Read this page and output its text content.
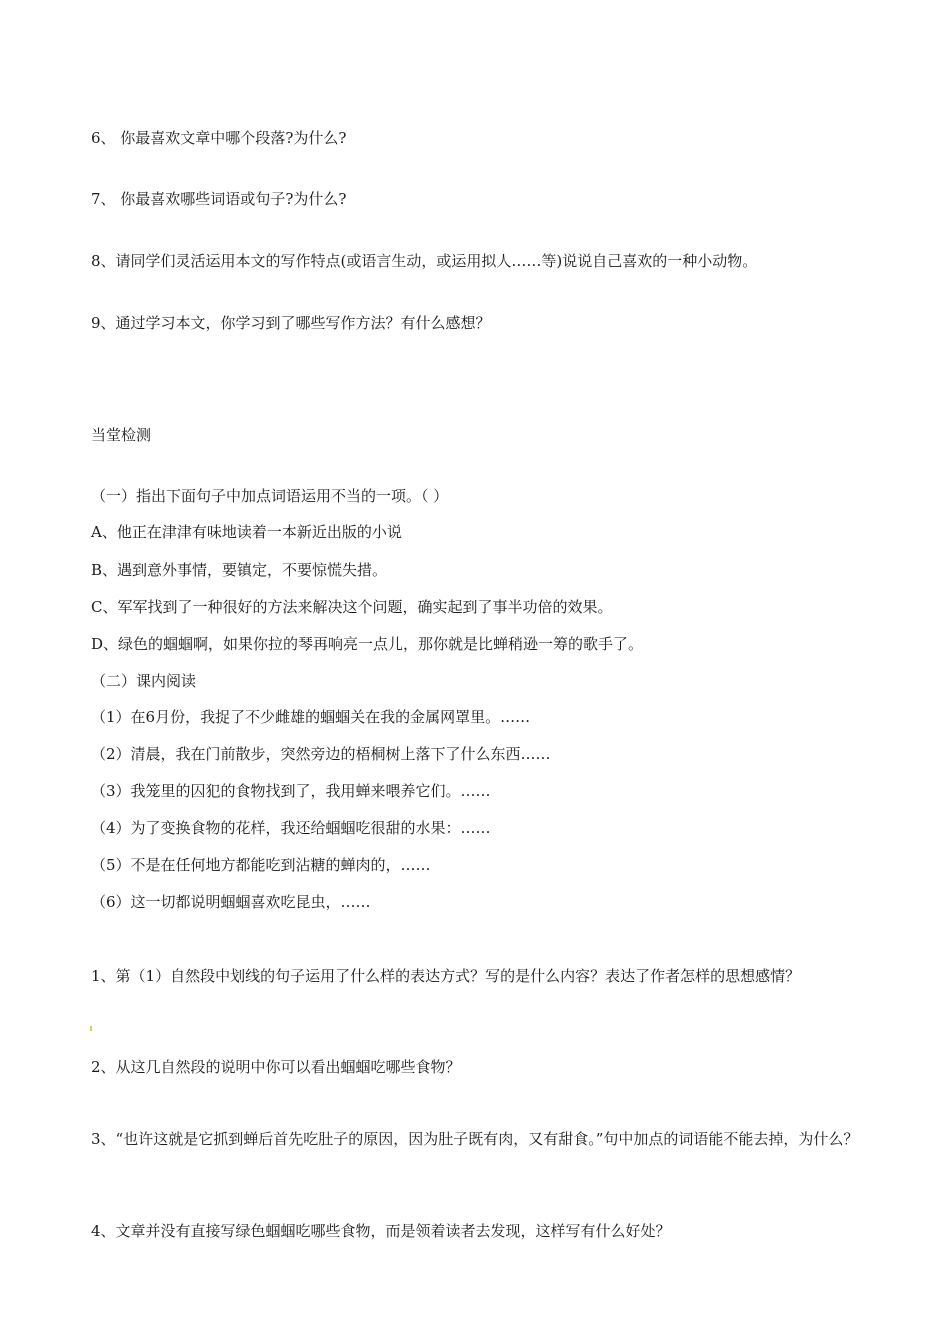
6、 你最喜欢文章中哪个段落?为什么?
7、 你最喜欢哪些词语或句子?为什么?
8、请同学们灵活运用本文的写作特点(或语言生动，或运用拟人……等)说说自己喜欢的一种小动物。
9、通过学习本文，你学习到了哪些写作方法？有什么感想？
当堂检测
（一）指出下面句子中加点词语运用不当的一项。（ ）
A、他正在津津有味地读着一本新近出版的小说
B、遇到意外事情，要镇定，不要惊慌失措。
C、军军找到了一种很好的方法来解决这个问题，确实起到了事半功倍的效果。
D、绿色的蝈蝈啊，如果你拉的琴再响亮一点儿，那你就是比蝉稍逊一筹的歌手了。
（二）课内阅读
（1）在6月份，我捉了不少雌雄的蝈蝈关在我的金属网罩里。……
（2）清晨，我在门前散步，突然旁边的梧桐树上落下了什么东西……
（3）我笼里的囚犯的食物找到了，我用蝉来喂养它们。……
（4）为了变换食物的花样，我还给蝈蝈吃很甜的水果：……
（5）不是在任何地方都能吃到沾糖的蝉肉的，……
（6）这一切都说明蝈蝈喜欢吃昆虫，……
1、第（1）自然段中划线的句子运用了什么样的表达方式？写的是什么内容？表达了作者怎样的思想感情？
2、从这几自然段的说明中你可以看出蝈蝈吃哪些食物？
3、“也许这就是它抓到蝉后首先吃肚子的原因，因为肚子既有肉，又有甜食。”句中加点的词语能不能去掉，为什么？
4、文章并没有直接写绿色蝈蝈吃哪些食物，而是领着读者去发现，这样写有什么好处？
